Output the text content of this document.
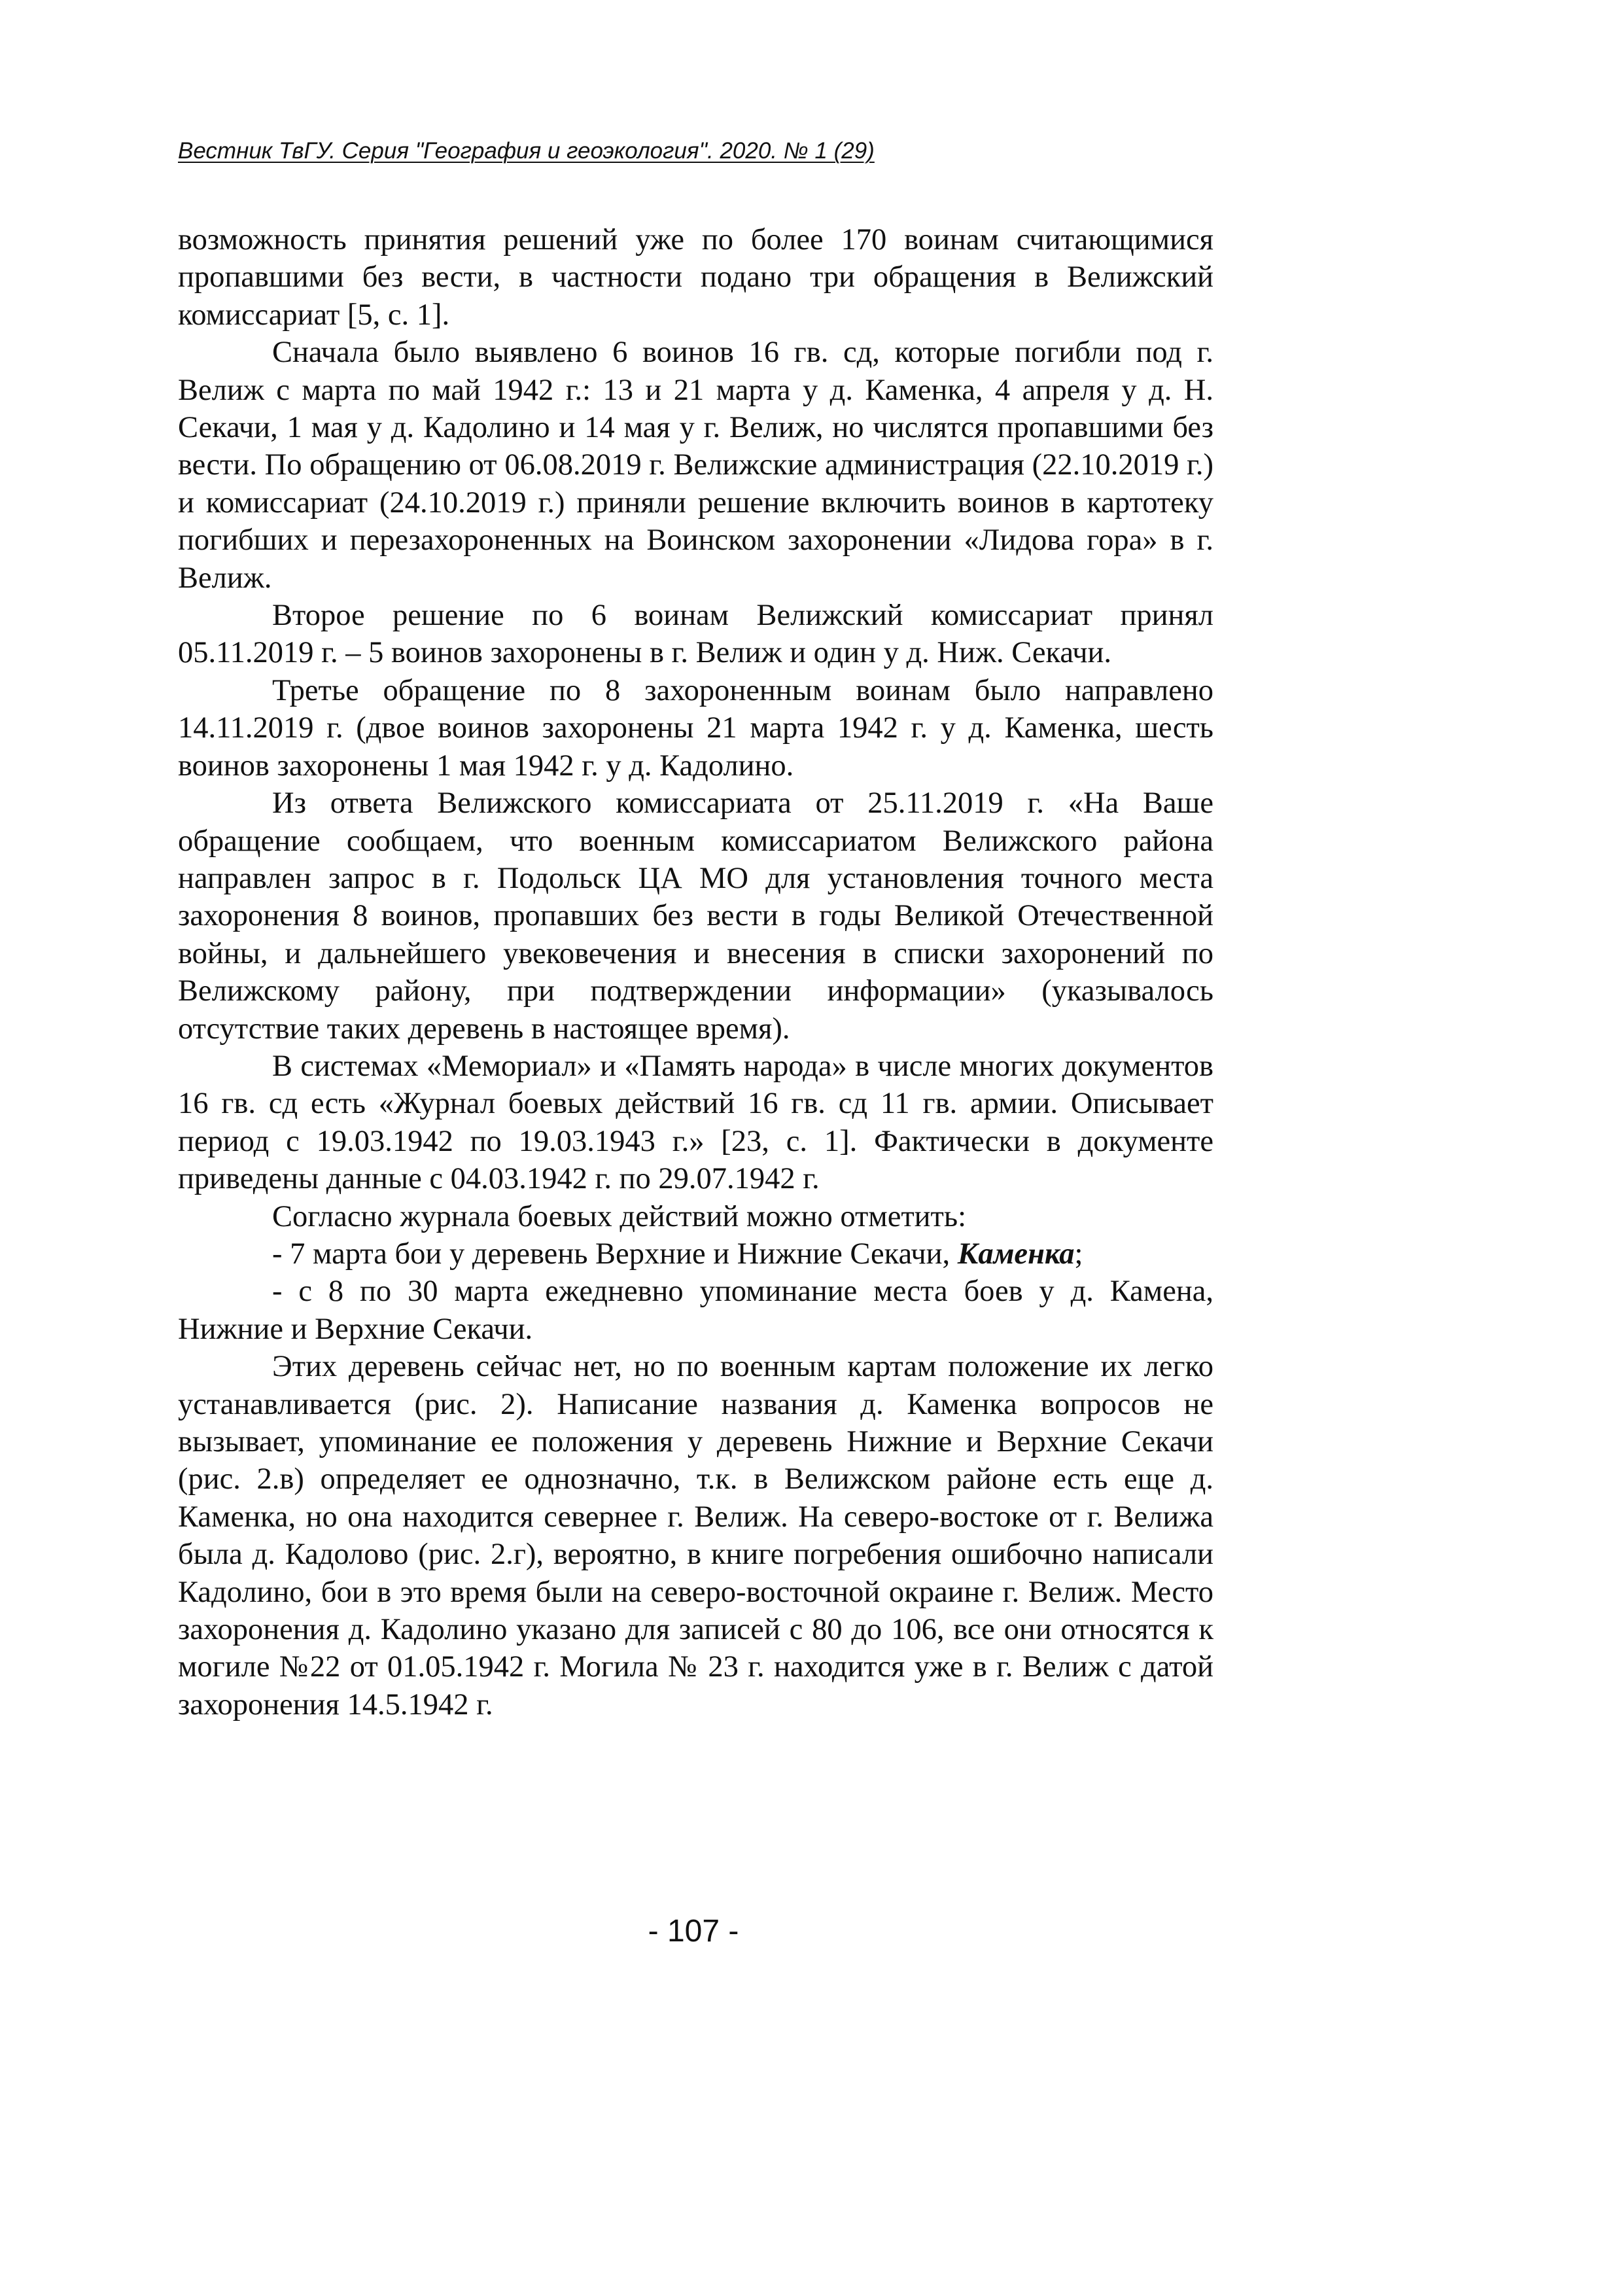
Вестник ТвГУ. Серия "География и геоэкология". 2020. № 1 (29)

возможность принятия решений уже по более 170 воинам считающимися пропавшими без вести, в частности подано три обращения в Велижский комиссариат [5, с. 1].

Сначала было выявлено 6 воинов 16 гв. сд, которые погибли под г. Велиж с марта по май 1942 г.: 13 и 21 марта у д. Каменка, 4 апреля у д. Н. Секачи, 1 мая у д. Кадолино и 14 мая у г. Велиж, но числятся пропавшими без вести. По обращению от 06.08.2019 г. Велижские администрация (22.10.2019 г.) и комиссариат (24.10.2019 г.) приняли решение включить воинов в картотеку погибших и перезахороненных на Воинском захоронении «Лидова гора» в г. Велиж.

Второе решение по 6 воинам Велижский комиссариат принял 05.11.2019 г. – 5 воинов захоронены в г. Велиж и один у д. Ниж. Секачи.

Третье обращение по 8 захороненным воинам было направлено 14.11.2019 г. (двое воинов захоронены 21 марта 1942 г. у д. Каменка, шесть воинов захоронены 1 мая 1942 г. у д. Кадолино.

Из ответа Велижского комиссариата от 25.11.2019 г. «На Ваше обращение сообщаем, что военным комиссариатом Велижского района направлен запрос в г. Подольск ЦА МО для установления точного места захоронения 8 воинов, пропавших без вести в годы Великой Отечественной войны, и дальнейшего увековечения и внесения в списки захоронений по Велижскому району, при подтверждении информации» (указывалось отсутствие таких деревень в настоящее время).

В системах «Мемориал» и «Память народа» в числе многих документов 16 гв. сд есть «Журнал боевых действий 16 гв. сд 11 гв. армии. Описывает период с 19.03.1942 по 19.03.1943 г.» [23, с. 1]. Фактически в документе приведены данные с 04.03.1942 г. по 29.07.1942 г.

Согласно журнала боевых действий можно отметить:

- 7 марта бои у деревень Верхние и Нижние Секачи, Каменка;

- с 8 по 30 марта ежедневно упоминание места боев у д. Камена, Нижние и Верхние Секачи.

Этих деревень сейчас нет, но по военным картам положение их легко устанавливается (рис. 2). Написание названия д. Каменка вопросов не вызывает, упоминание ее положения у деревень Нижние и Верхние Секачи (рис. 2.в) определяет ее однозначно, т.к. в Велижском районе есть еще д. Каменка, но она находится севернее г. Велиж. На северо-востоке от г. Велижа была д. Кадолово (рис. 2.г), вероятно, в книге погребения ошибочно написали Кадолино, бои в это время были на северо-восточной окраине г. Велиж. Место захоронения д. Кадолино указано для записей с 80 до 106, все они относятся к могиле №22 от 01.05.1942 г. Могила № 23 г. находится уже в г. Велиж с датой захоронения 14.5.1942 г.

- 107 -
